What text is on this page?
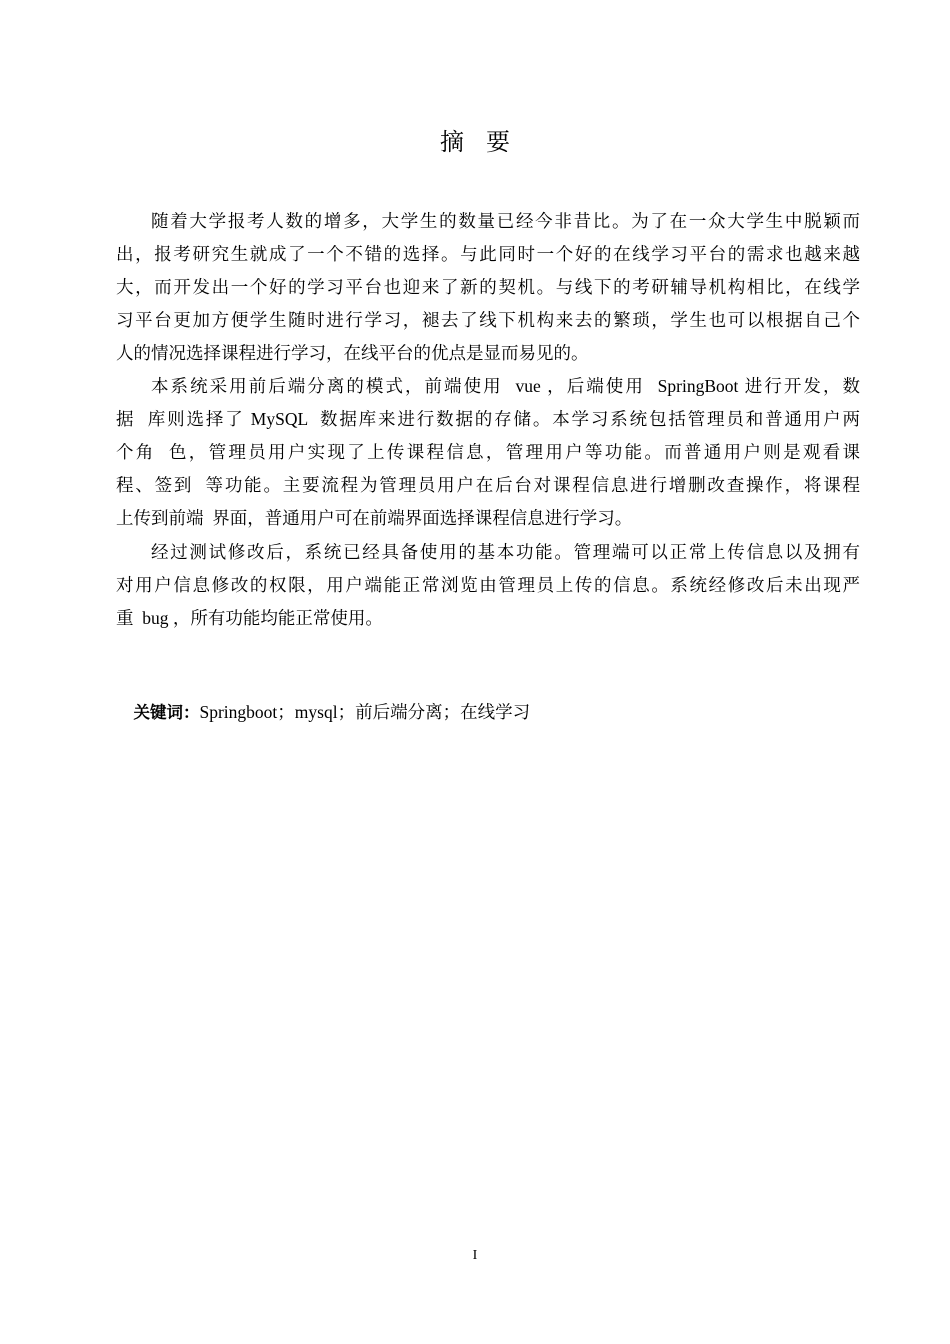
摘要
随着大学报考人数的增多，大学生的数量已经今非昔比。为了在一众大学生中脱颖而
出，报考研究生就成了一个不错的选择。与此同时一个好的在线学习平台的需求也越来越
大，而开发出一个好的学习平台也迎来了新的契机。与线下的考研辅导机构相比，在线学
习平台更加方便学生随时进行学习，褪去了线下机构来去的繁琐，学生也可以根据自己个
人的情况选择课程进行学习，在线平台的优点是显而易见的。
本系统采用前后端分离的模式，前端使用  vue ，后端使用  SpringBoot 进行开发，数
据  库则选择了 MySQL  数据库来进行数据的存储。本学习系统包括管理员和普通用户两
个角  色，管理员用户实现了上传课程信息，管理用户等功能。而普通用户则是观看课
程、签到  等功能。主要流程为管理员用户在后台对课程信息进行增删改查操作，将课程
上传到前端  界面，普通用户可在前端界面选择课程信息进行学习。
经过测试修改后，系统已经具备使用的基本功能。管理端可以正常上传信息以及拥有
对用户信息修改的权限，用户端能正常浏览由管理员上传的信息。系统经修改后未出现严
重  bug ，所有功能均能正常使用。

关键词：Springboot；mysql；前后端分离；在线学习

I
